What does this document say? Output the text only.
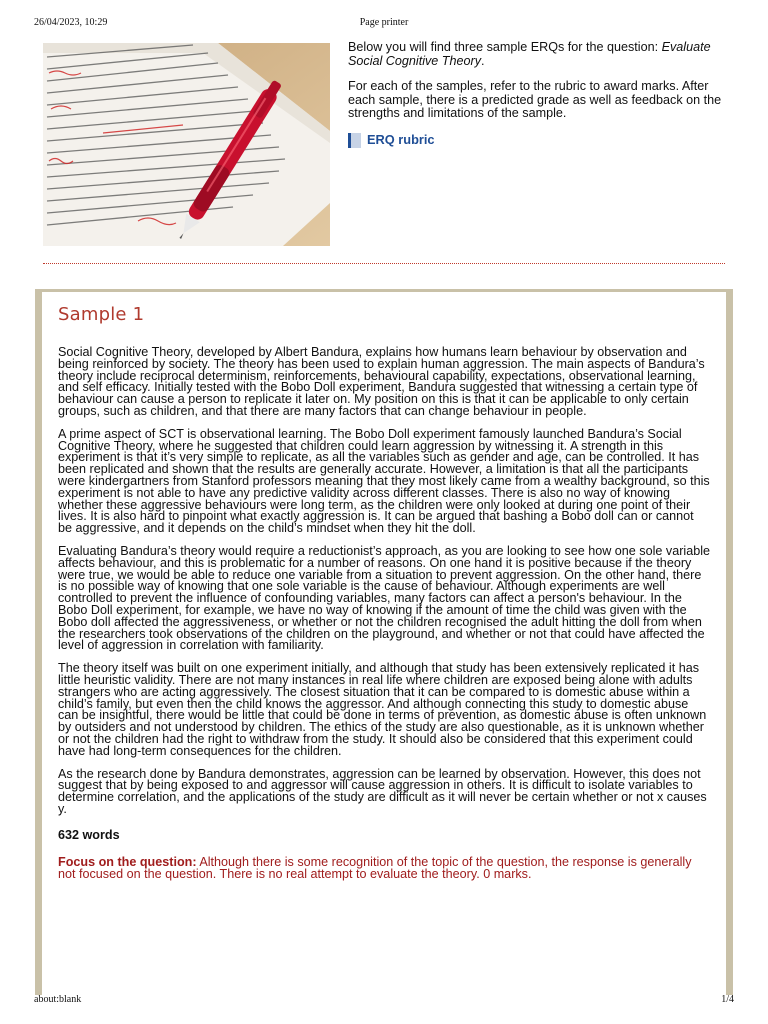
26/04/2023, 10:29	Page printer

Below you will find three sample ERQs for the question: Evaluate Social Cognitive Theory.

For each of the samples, refer to the rubric to award marks. After each sample, there is a predicted grade as well as feedback on the strengths and limitations of the sample.

ERQ rubric
Sample 1

Social Cognitive Theory, developed by Albert Bandura, explains how humans learn behaviour by observation and being reinforced by society. The theory has been used to explain human aggression. The main aspects of Bandura’s theory include reciprocal determinism, reinforcements, behavioural capability, expectations, observational learning, and self efficacy. Initially tested with the Bobo Doll experiment, Bandura suggested that witnessing a certain type of behaviour can cause a person to replicate it later on. My position on this is that it can be applicable to only certain groups, such as children, and that there are many factors that can change behaviour in people.

A prime aspect of SCT is observational learning. The Bobo Doll experiment famously launched Bandura’s Social Cognitive Theory, where he suggested that children could learn aggression by witnessing it. A strength in this experiment is that it’s very simple to replicate, as all the variables such as gender and age, can be controlled. It has been replicated and shown that the results are generally accurate. However, a limitation is that all the participants were kindergartners from Stanford professors meaning that they most likely came from a wealthy background, so this experiment is not able to have any predictive validity across different classes. There is also no way of knowing whether these aggressive behaviours were long term, as the children were only looked at during one point of their lives. It is also hard to pinpoint what exactly aggression is. It can be argued that bashing a Bobo doll can or cannot be aggressive, and it depends on the child’s mindset when they hit the doll.

Evaluating Bandura’s theory would require a reductionist’s approach, as you are looking to see how one sole variable affects behaviour, and this is problematic for a number of reasons. On one hand it is positive because if the theory were true, we would be able to reduce one variable from a situation to prevent aggression. On the other hand, there is no possible way of knowing that one sole variable is the cause of behaviour. Although experiments are well controlled to prevent the influence of confounding variables, many factors can affect a person's behaviour. In the Bobo Doll experiment, for example, we have no way of knowing if the amount of time the child was given with the Bobo doll affected the aggressiveness, or whether or not the children recognised the adult hitting the doll from when the researchers took observations of the children on the playground, and whether or not that could have affected the level of aggression in correlation with familiarity.

The theory itself was built on one experiment initially, and although that study has been extensively replicated it has little heuristic validity. There are not many instances in real life where children are exposed being alone with adults strangers who are acting aggressively. The closest situation that it can be compared to is domestic abuse within a child’s family, but even then the child knows the aggressor. And although connecting this study to domestic abuse can be insightful, there would be little that could be done in terms of prevention, as domestic abuse is often unknown by outsiders and not understood by children. The ethics of the study are also questionable, as it is unknown whether or not the children had the right to withdraw from the study. It should also be considered that this experiment could have had long-term consequences for the children.

As the research done by Bandura demonstrates, aggression can be learned by observation. However, this does not suggest that by being exposed to and aggressor will cause aggression in others. It is difficult to isolate variables to determine correlation, and the applications of the study are difficult as it will never be certain whether or not x causes y.

632 words

Focus on the question: Although there is some recognition of the topic of the question, the response is generally not focused on the question. There is no real attempt to evaluate the theory. 0 marks.

about:blank	1/4
